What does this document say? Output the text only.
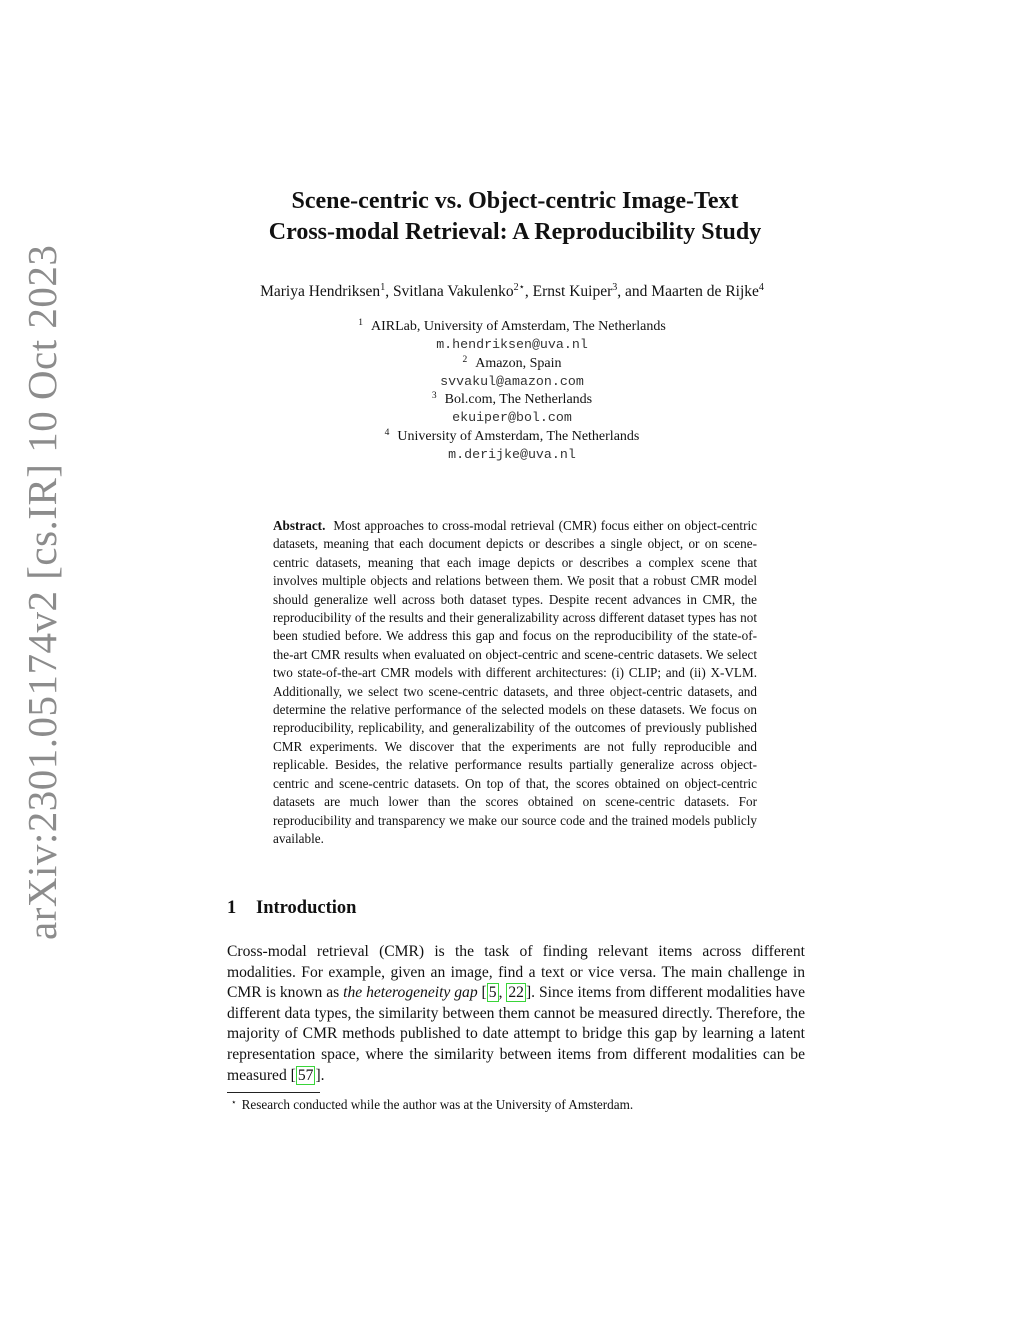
arXiv:2301.05174v2 [cs.IR] 10 Oct 2023
Scene-centric vs. Object-centric Image-Text
Cross-modal Retrieval: A Reproducibility Study
Mariya Hendriksen$^1$, Svitlana Vakulenko$^{2⋆}$, Ernst Kuiper$^3$, and Maarten de Rijke$^4$
$^1$ AIRLab, University of Amsterdam, The Netherlands
m.hendriksen@uva.nl
$^2$ Amazon, Spain
svvakul@amazon.com
$^3$ Bol.com, The Netherlands
ekuiper@bol.com
$^4$ University of Amsterdam, The Netherlands
m.derijke@uva.nl
Abstract. Most approaches to cross-modal retrieval (CMR) focus either on object-centric datasets, meaning that each document depicts or describes a single object, or on scene-centric datasets, meaning that each image depicts or describes a complex scene that involves multiple objects and relations between them. We posit that a robust CMR model should generalize well across both dataset types. Despite recent advances in CMR, the reproducibility of the results and their generalizability across different dataset types has not been studied before. We address this gap and focus on the reproducibility of the state-of-the-art CMR results when evaluated on object-centric and scene-centric datasets. We select two state-of-the-art CMR models with different architectures: (i) CLIP; and (ii) X-VLM. Additionally, we select two scene-centric datasets, and three object-centric datasets, and determine the relative performance of the selected models on these datasets. We focus on reproducibility, replicability, and generalizability of the outcomes of previously published CMR experiments. We discover that the experiments are not fully reproducible and replicable. Besides, the relative performance results partially generalize across object-centric and scene-centric datasets. On top of that, the scores obtained on object-centric datasets are much lower than the scores obtained on scene-centric datasets. For reproducibility and transparency we make our source code and the trained models publicly available.
1 Introduction
Cross-modal retrieval (CMR) is the task of finding relevant items across different modalities. For example, given an image, find a text or vice versa. The main challenge in CMR is known as the heterogeneity gap [ 5 , 22 ]. Since items from different modalities have different data types, the similarity between them cannot be measured directly. Therefore, the majority of CMR methods published to date attempt to bridge this gap by learning a latent representation space, where the similarity between items from different modalities can be measured [ 57 ].
⋆ Research conducted while the author was at the University of Amsterdam.
